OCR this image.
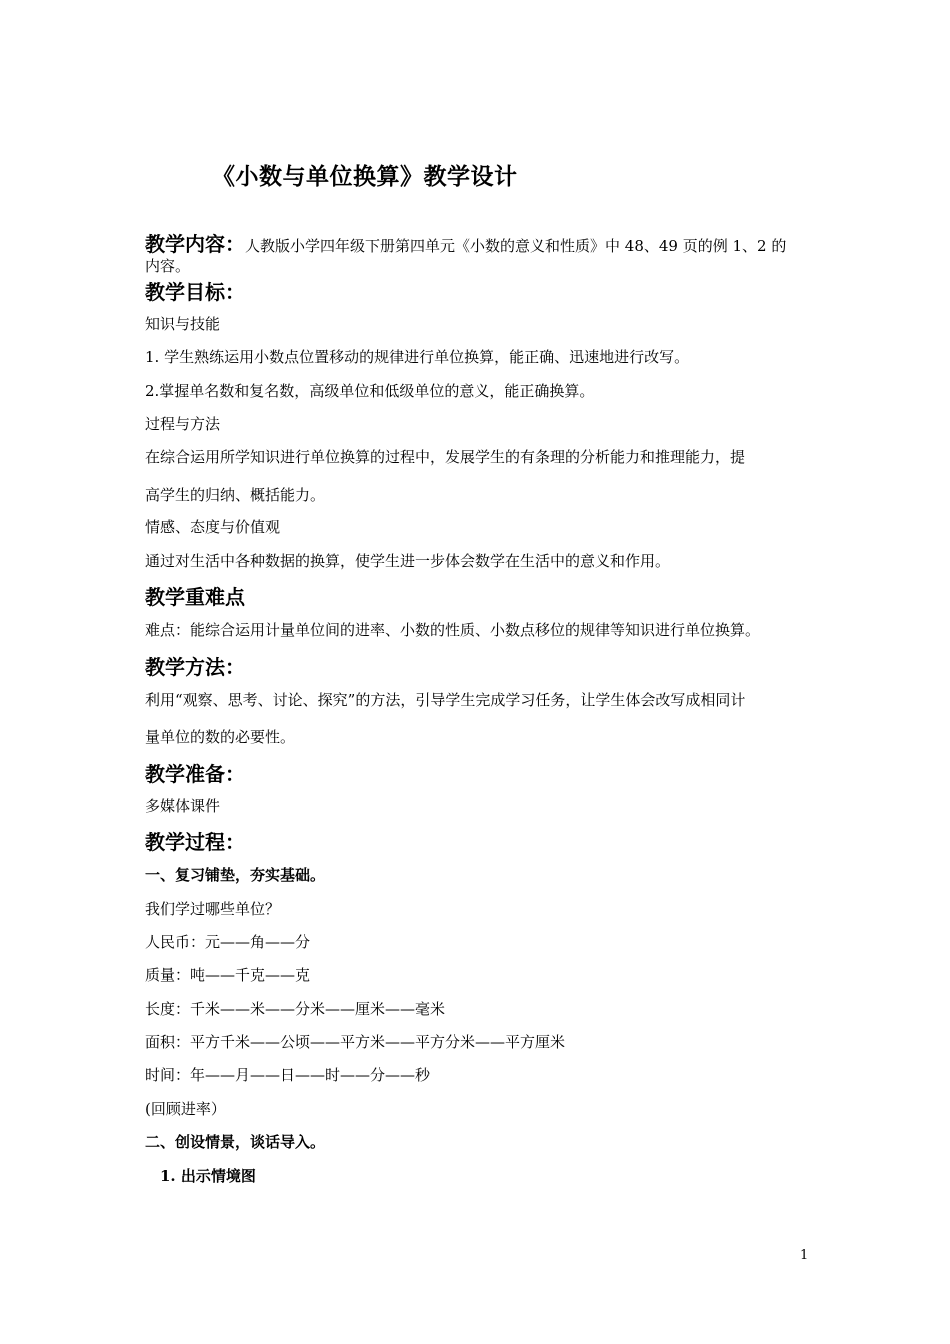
《小数与单位换算》教学设计
教学内容：人教版小学四年级下册第四单元《小数的意义和性质》中 48、49 页的例 1、2 的
内容。
教学目标：
知识与技能
1. 学生熟练运用小数点位置移动的规律进行单位换算，能正确、迅速地进行改写。
2.掌握单名数和复名数，高级单位和低级单位的意义，能正确换算。
过程与方法
在综合运用所学知识进行单位换算的过程中，发展学生的有条理的分析能力和推理能力，提
高学生的归纳、概括能力。
情感、态度与价值观
通过对生活中各种数据的换算，使学生进一步体会数学在生活中的意义和作用。
教学重难点
难点：能综合运用计量单位间的进率、小数的性质、小数点移位的规律等知识进行单位换算。
教学方法：
利用“观察、思考、讨论、探究”的方法，引导学生完成学习任务，让学生体会改写成相同计
量单位的数的必要性。
教学准备：
多媒体课件
教学过程：
一、复习铺垫，夯实基础。
我们学过哪些单位？
人民币：元——角——分
质量：吨——千克——克
长度：千米——米——分米——厘米——毫米
面积：平方千米——公顷——平方米——平方分米——平方厘米
时间：年——月——日——时——分——秒
(回顾进率）
二、创设情景，谈话导入。
1. 出示情境图
1
